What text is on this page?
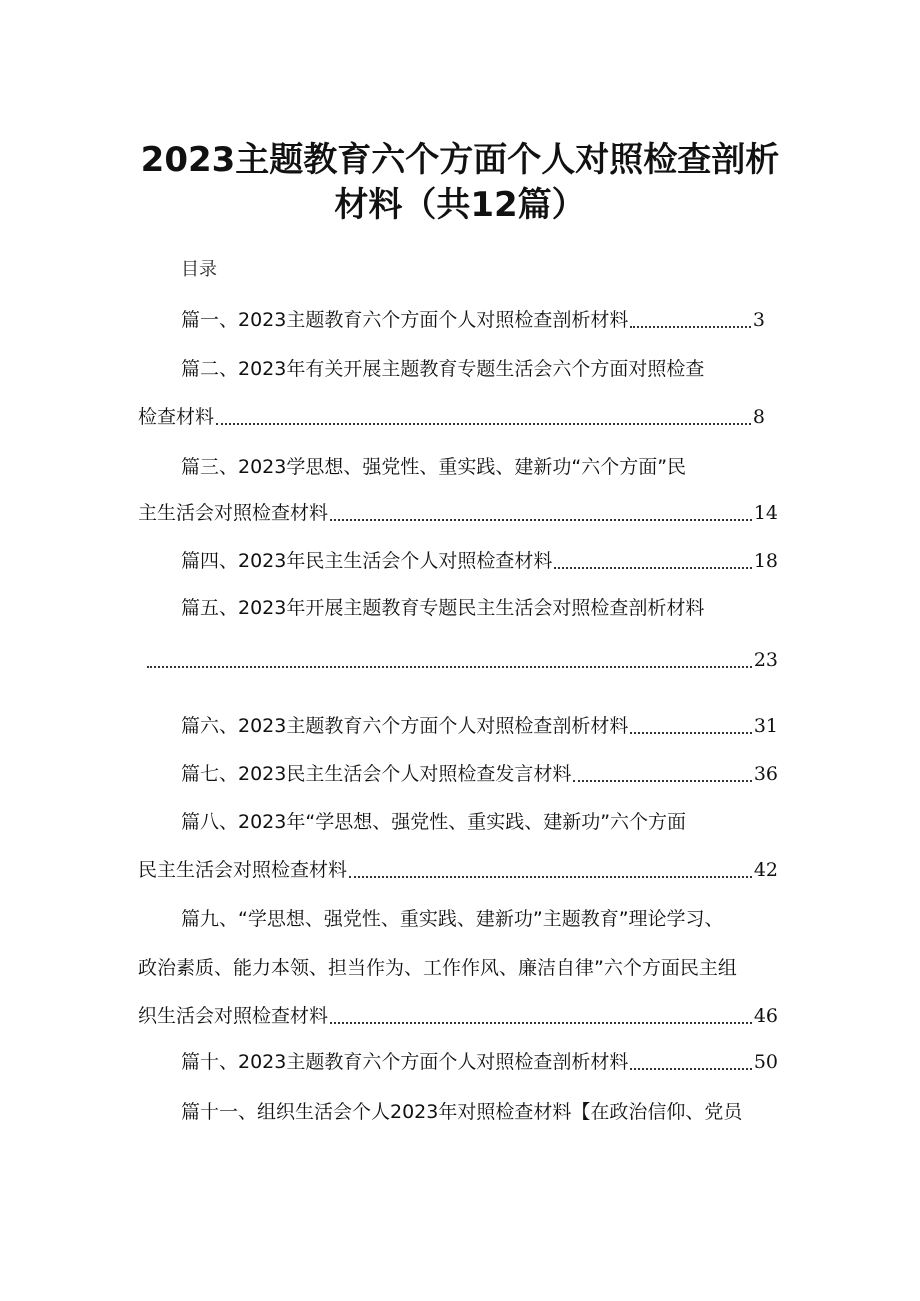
2023主题教育六个方面个人对照检查剖析
材料（共12篇）
目录
篇一、2023主题教育六个方面个人对照检查剖析材料	3
篇二、2023年有关开展主题教育专题生活会六个方面对照检查
检查材料	8
篇三、2023学思想、强党性、重实践、建新功“六个方面”民
主生活会对照检查材料	14
篇四、2023年民主生活会个人对照检查材料	18
篇五、2023年开展主题教育专题民主生活会对照检查剖析材料
23
篇六、2023主题教育六个方面个人对照检查剖析材料	31
篇七、2023民主生活会个人对照检查发言材料	36
篇八、2023年“学思想、强党性、重实践、建新功”六个方面
民主生活会对照检查材料	42
篇九、“学思想、强党性、重实践、建新功”主题教育”理论学习、
政治素质、能力本领、担当作为、工作作风、廉洁自律”六个方面民主组
织生活会对照检查材料	46
篇十、2023主题教育六个方面个人对照检查剖析材料	50
篇十一、组织生活会个人2023年对照检查材料【在政治信仰、党员
